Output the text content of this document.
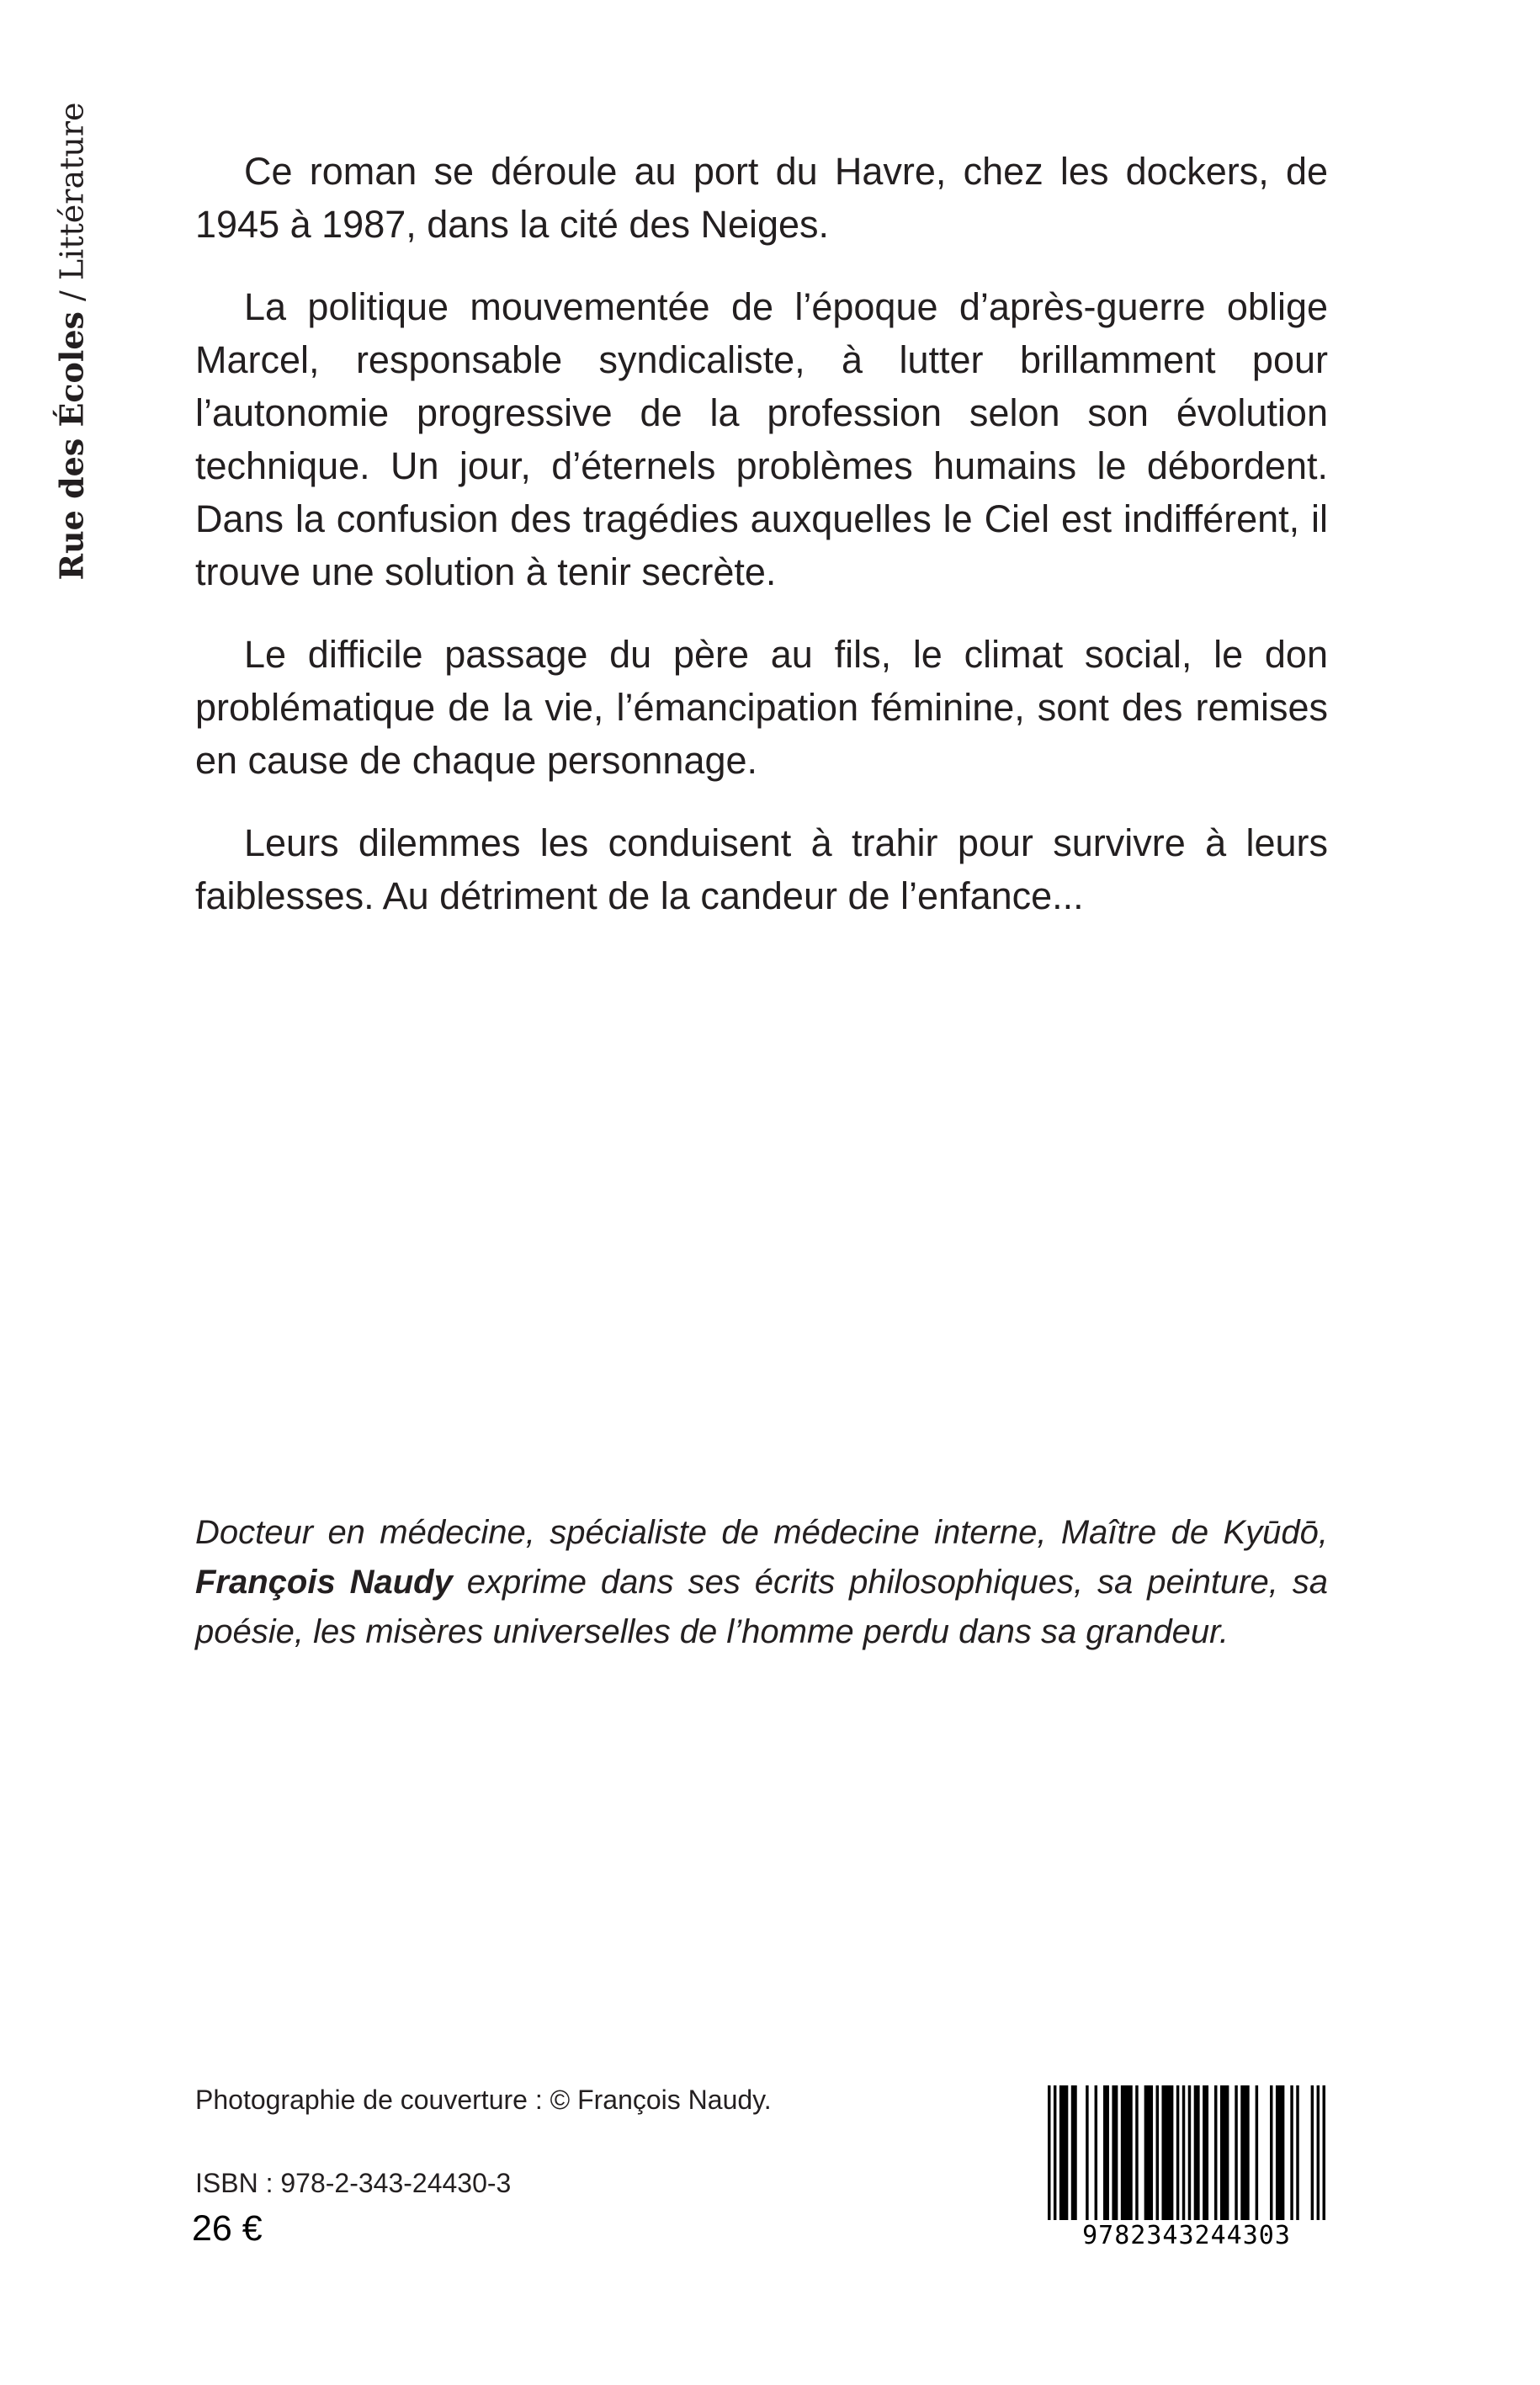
Rue des Écoles / Littérature	Ce roman se déroule au port du Havre, chez les dockers, de 1945 à 1987, dans la cité des Neiges.

La politique mouvementée de l’époque d’après-guerre oblige Marcel, responsable syndicaliste, à lutter brillamment pour l’autonomie progressive de la profession selon son évolution technique. Un jour, d’éternels problèmes humains le débordent. Dans la confusion des tragédies auxquelles le Ciel est indifférent, il trouve une solution à tenir secrète.

Le difficile passage du père au fils, le climat social, le don problématique de la vie, l’émancipation féminine, sont des remises en cause de chaque personnage.

Leurs dilemmes les conduisent à trahir pour survivre à leurs faiblesses. Au détriment de la candeur de l’enfance...

Docteur en médecine, spécialiste de médecine interne, Maître de Kyūdō, François Naudy exprime dans ses écrits philosophiques, sa peinture, sa poésie, les misères universelles de l’homme perdu dans sa grandeur.

Photographie de couverture : © François Naudy.
ISBN : 978-2-343-24430-3
26 €	9782343244303
